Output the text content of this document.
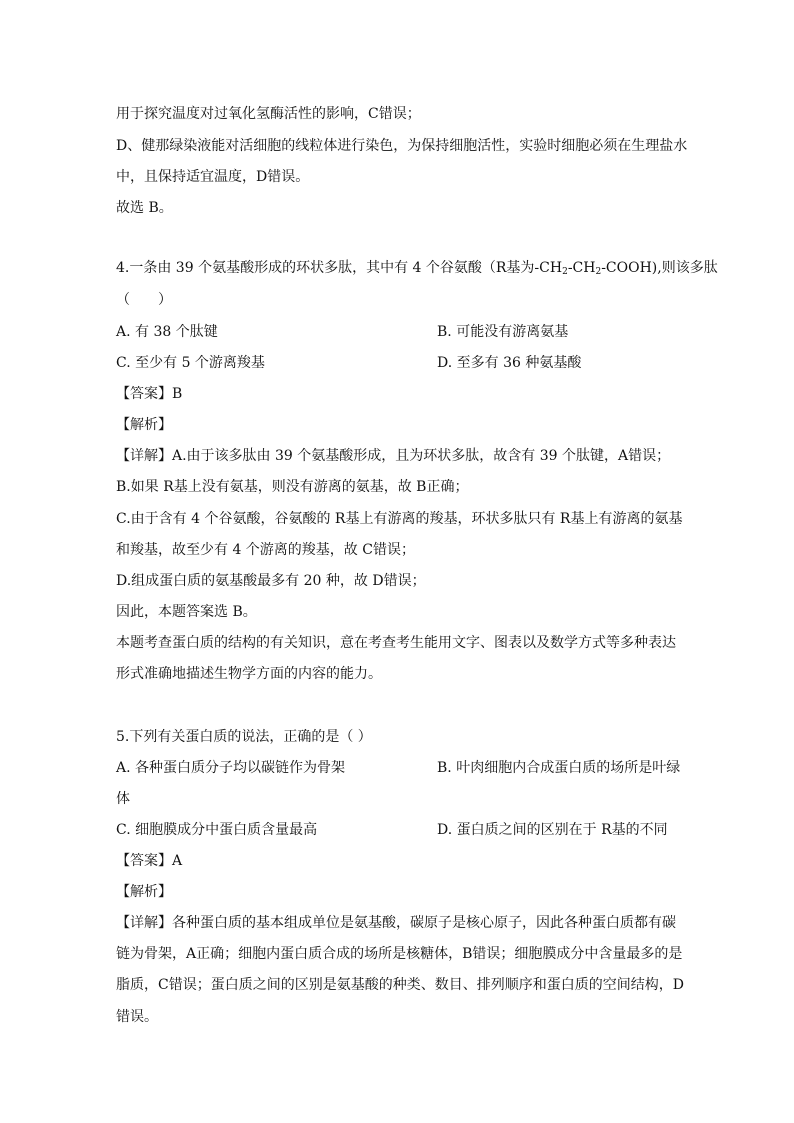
用于探究温度对过氧化氢酶活性的影响，C错误；
D、健那绿染液能对活细胞的线粒体进行染色，为保持细胞活性，实验时细胞必须在生理盐水
中，且保持适宜温度，D错误。
故选 B。
4.一条由 39 个氨基酸形成的环状多肽，其中有 4 个谷氨酸（R基为$-CH_2-CH_2-COOH$),则该多肽
（　　）
A. 有 38 个肽键	B. 可能没有游离氨基
C. 至少有 5 个游离羧基	D. 至多有 36 种氨基酸
【答案】B
【解析】
【详解】A.由于该多肽由 39 个氨基酸形成，且为环状多肽，故含有 39 个肽键，A错误；
B.如果 R基上没有氨基，则没有游离的氨基，故 B正确；
C.由于含有 4 个谷氨酸，谷氨酸的 R基上有游离的羧基，环状多肽只有 R基上有游离的氨基
和羧基，故至少有 4 个游离的羧基，故 C错误；
D.组成蛋白质的氨基酸最多有 20 种，故 D错误；
因此，本题答案选 B。
本题考查蛋白质的结构的有关知识，意在考查考生能用文字、图表以及数学方式等多种表达
形式准确地描述生物学方面的内容的能力。
5.下列有关蛋白质的说法，正确的是（ ）
A. 各种蛋白质分子均以碳链作为骨架	B. 叶肉细胞内合成蛋白质的场所是叶绿
体
C. 细胞膜成分中蛋白质含量最高	D. 蛋白质之间的区别在于 R基的不同
【答案】A
【解析】
【详解】各种蛋白质的基本组成单位是氨基酸，碳原子是核心原子，因此各种蛋白质都有碳
链为骨架，A正确；细胞内蛋白质合成的场所是核糖体，B错误；细胞膜成分中含量最多的是
脂质，C错误；蛋白质之间的区别是氨基酸的种类、数目、排列顺序和蛋白质的空间结构，D
错误。
